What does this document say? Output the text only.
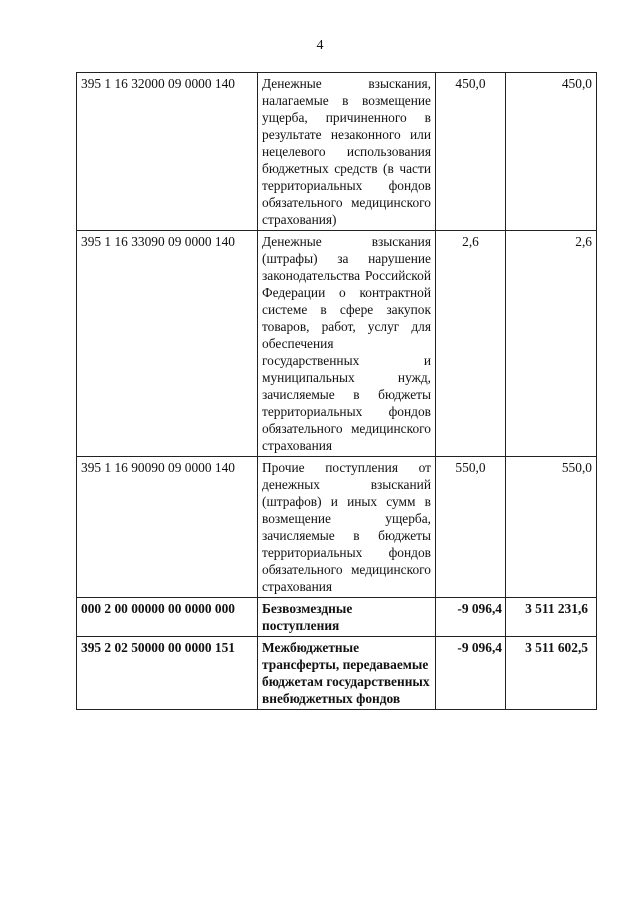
4
395 1 16 32000 09 0000 140	Денежные взыскания, налагаемые в возмещение ущерба, причиненного в результате незаконного или нецелевого использования бюджетных средств (в части территориальных фондов обязательного медицинского страхования)	450,0	450,0
395 1 16 33090 09 0000 140	Денежные взыскания (штрафы) за нарушение законодательства Российской Федерации о контрактной системе в сфере закупок товаров, работ, услуг для обеспечения государственных и муниципальных нужд, зачисляемые в бюджеты территориальных фондов обязательного медицинского страхования	2,6	2,6
395 1 16 90090 09 0000 140	Прочие поступления от денежных взысканий (штрафов) и иных сумм в возмещение ущерба, зачисляемые в бюджеты территориальных фондов обязательного медицинского страхования	550,0	550,0
000 2 00 00000 00 0000 000	Безвозмездные поступления	-9 096,4	3 511 231,6
395 2 02 50000 00 0000 151	Межбюджетные трансферты, передаваемые бюджетам государственных внебюджетных фондов	-9 096,4	3 511 602,5
